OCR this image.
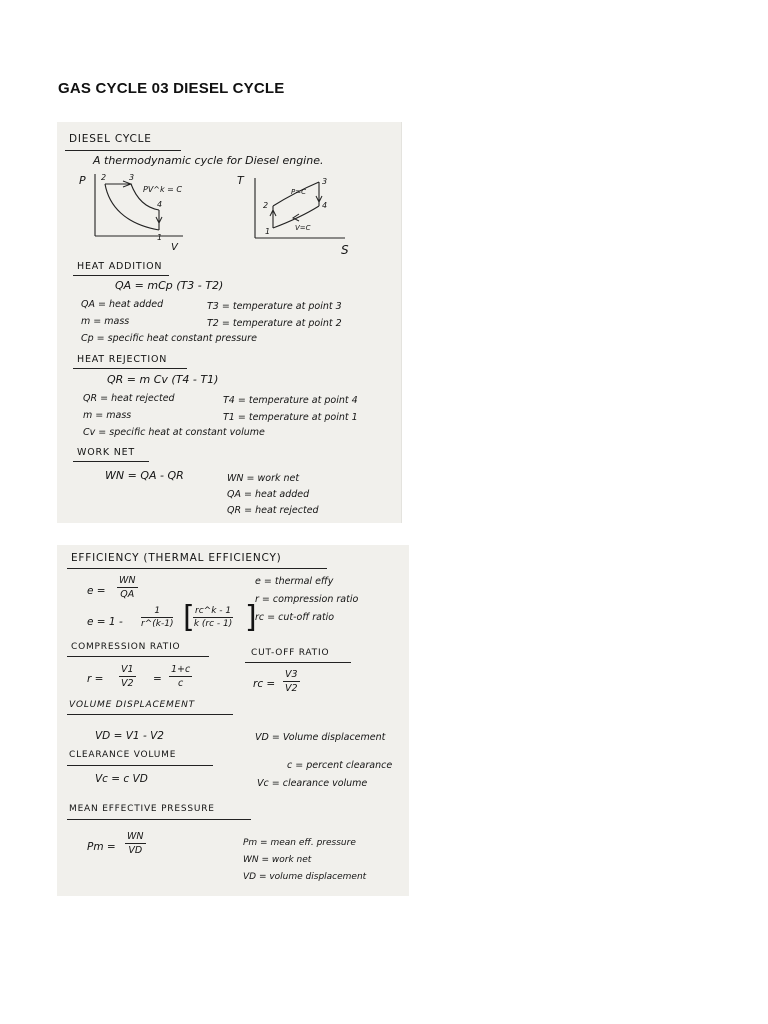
GAS CYCLE 03 DIESEL CYCLE
DIESEL CYCLE
A thermodynamic cycle for Diesel engine.
P
V
2	3
4
1
PV^k = C
T
S
1
2
3
4
P=C
V=C
HEAT ADDITION
QA = mCp (T3 - T2)
QA = heat added
m = mass
Cp = specific heat constant pressure
T3 = temperature at point 3
T2 = temperature at point 2
HEAT REJECTION
QR = m Cv (T4 - T1)
QR = heat rejected
m = mass
Cv = specific heat at constant volume
T4 = temperature at point 4
T1 = temperature at point 1
WORK NET
WN = QA - QR	WN = work net
QA = heat added
QR = heat rejected
EFFICIENCY (THERMAL EFFICIENCY)
$e = \frac{WN}{QA}$
$e = 1 - \frac{1}{r\^{}(k-1)}$ [
$\frac{rc\^{}k - 1}{k (rc - 1)}$ ]
e = thermal effy
r = compression ratio
rc = cut-off ratio
COMPRESSION RATIO
$r = \frac{V1}{V2} = \frac{1+c}{c}$
CUT-OFF RATIO
rc = $\frac{V3}{V2}$
VOLUME DISPLACEMENT
VD = V1 - V2	VD = Volume displacement
CLEARANCE VOLUME
Vc = c VD
c = percent clearance
Vc = clearance volume
MEAN EFFECTIVE PRESSURE
$Pm = \frac{WN}{VD}$	Pm = mean eff. pressure
WN = work net
VD = volume displacement
